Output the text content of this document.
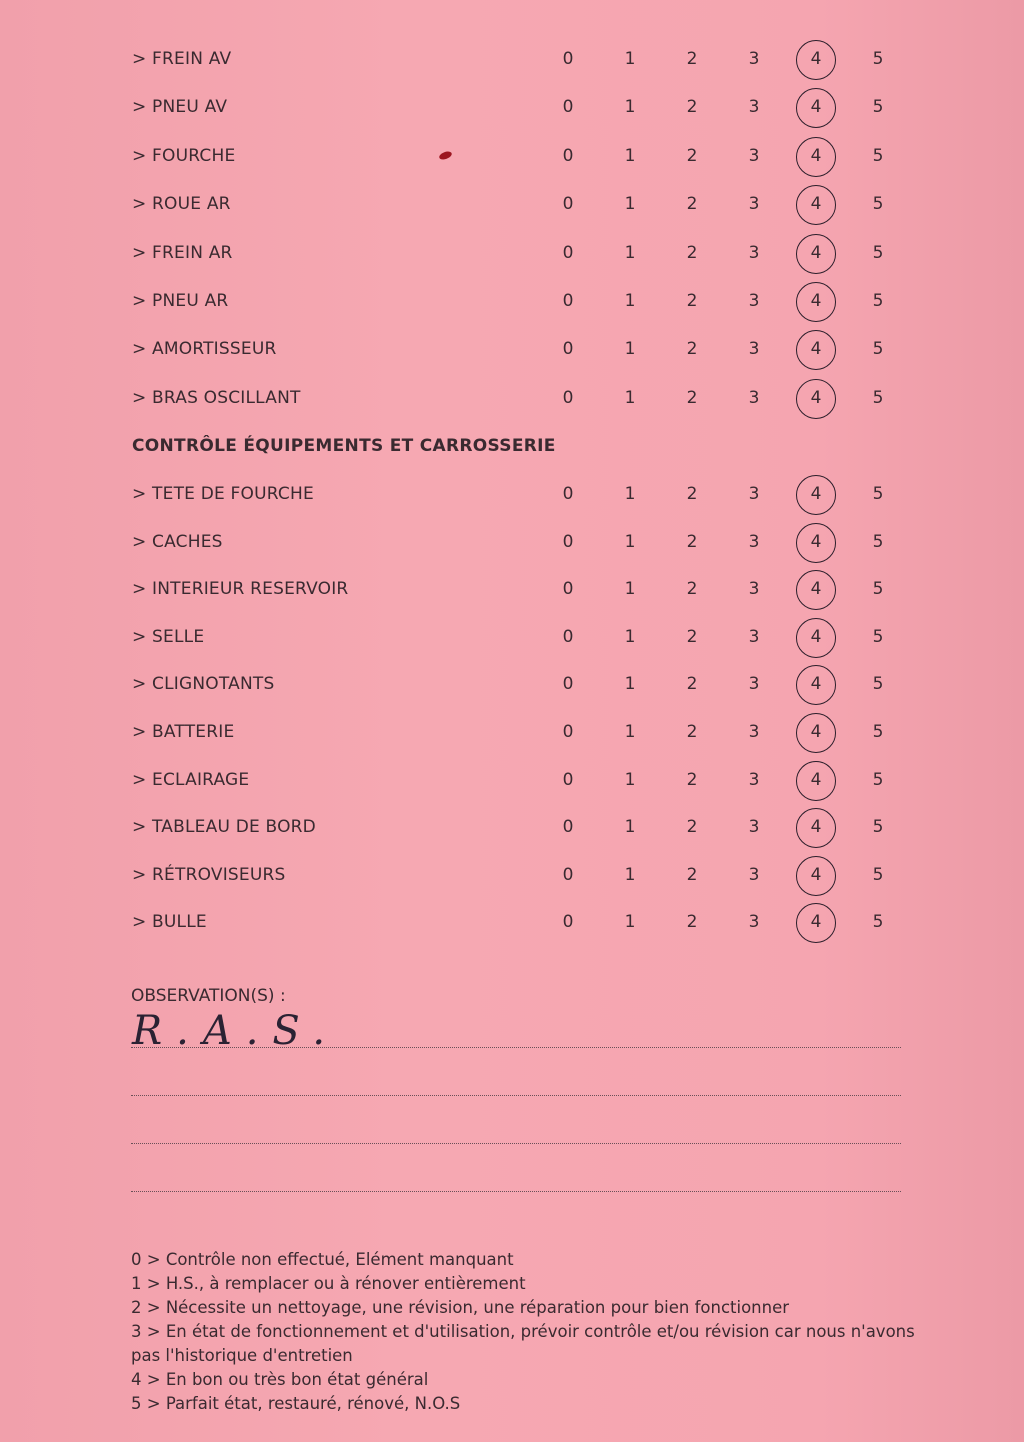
> FREIN AV	0	1	2	3	4	5
> PNEU AV	0	1	2	3	4	5
> FOURCHE	0	1	2	3	4	5
> ROUE AR	0	1	2	3	4	5
> FREIN AR	0	1	2	3	4	5
> PNEU AR	0	1	2	3	4	5
> AMORTISSEUR	0	1	2	3	4	5
> BRAS OSCILLANT	0	1	2	3	4	5
CONTRÔLE ÉQUIPEMENTS ET CARROSSERIE
> TETE DE FOURCHE	0	1	2	3	4	5
> CACHES	0	1	2	3	4	5
> INTERIEUR RESERVOIR	0	1	2	3	4	5
> SELLE	0	1	2	3	4	5
> CLIGNOTANTS	0	1	2	3	4	5
> BATTERIE	0	1	2	3	4	5
> ECLAIRAGE	0	1	2	3	4	5
> TABLEAU DE BORD	0	1	2	3	4	5
> RÉTROVISEURS	0	1	2	3	4	5
> BULLE	0	1	2	3	4	5
OBSERVATION(S) :
R.A.S.
0 > Contrôle non effectué, Elément manquant
1 > H.S., à remplacer ou à rénover entièrement
2 > Nécessite un nettoyage, une révision, une réparation pour bien fonctionner
3 > En état de fonctionnement et d'utilisation, prévoir contrôle et/ou révision car nous n'avons pas l'historique d'entretien
4 > En bon ou très bon état général
5 > Parfait état, restauré, rénové, N.O.S
